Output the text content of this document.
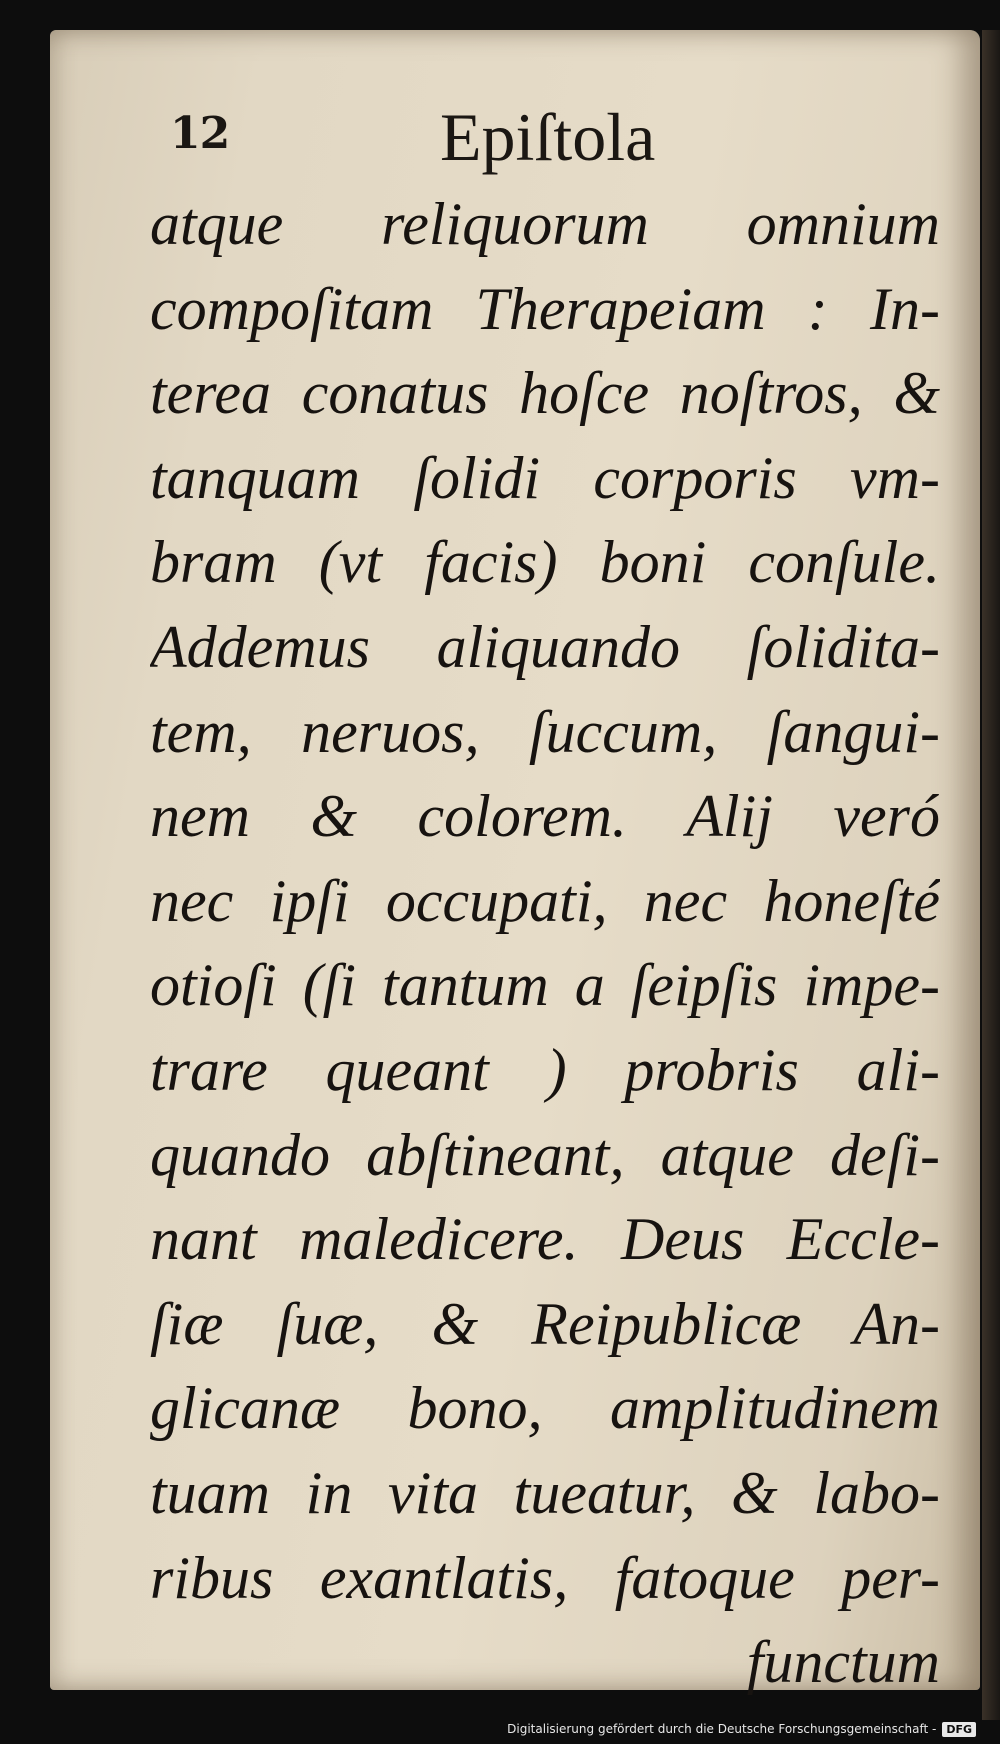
12	Epiſtola
atque reliquorum omnium
compoſitam Therapeiam : In-
terea conatus hoſce noſtros, &
tanquam ſolidi corporis vm-
bram (vt facis) boni conſule.
Addemus aliquando ſolidita-
tem, neruos, ſuccum, ſangui-
nem & colorem. Alij veró
nec ipſi occupati, nec honeſté
otioſi (ſi tantum a ſeipſis impe-
trare queant ) probris ali-
quando abſtineant, atque deſi-
nant maledicere. Deus Eccle-
ſiæ ſuæ, & Reipublicæ An-
glicanæ bono, amplitudinem
tuam in vita tueatur, & labo-
ribus exantlatis, fatoque per-
functum
Digitalisierung gefördert durch die Deutsche Forschungsgemeinschaft - DFG
